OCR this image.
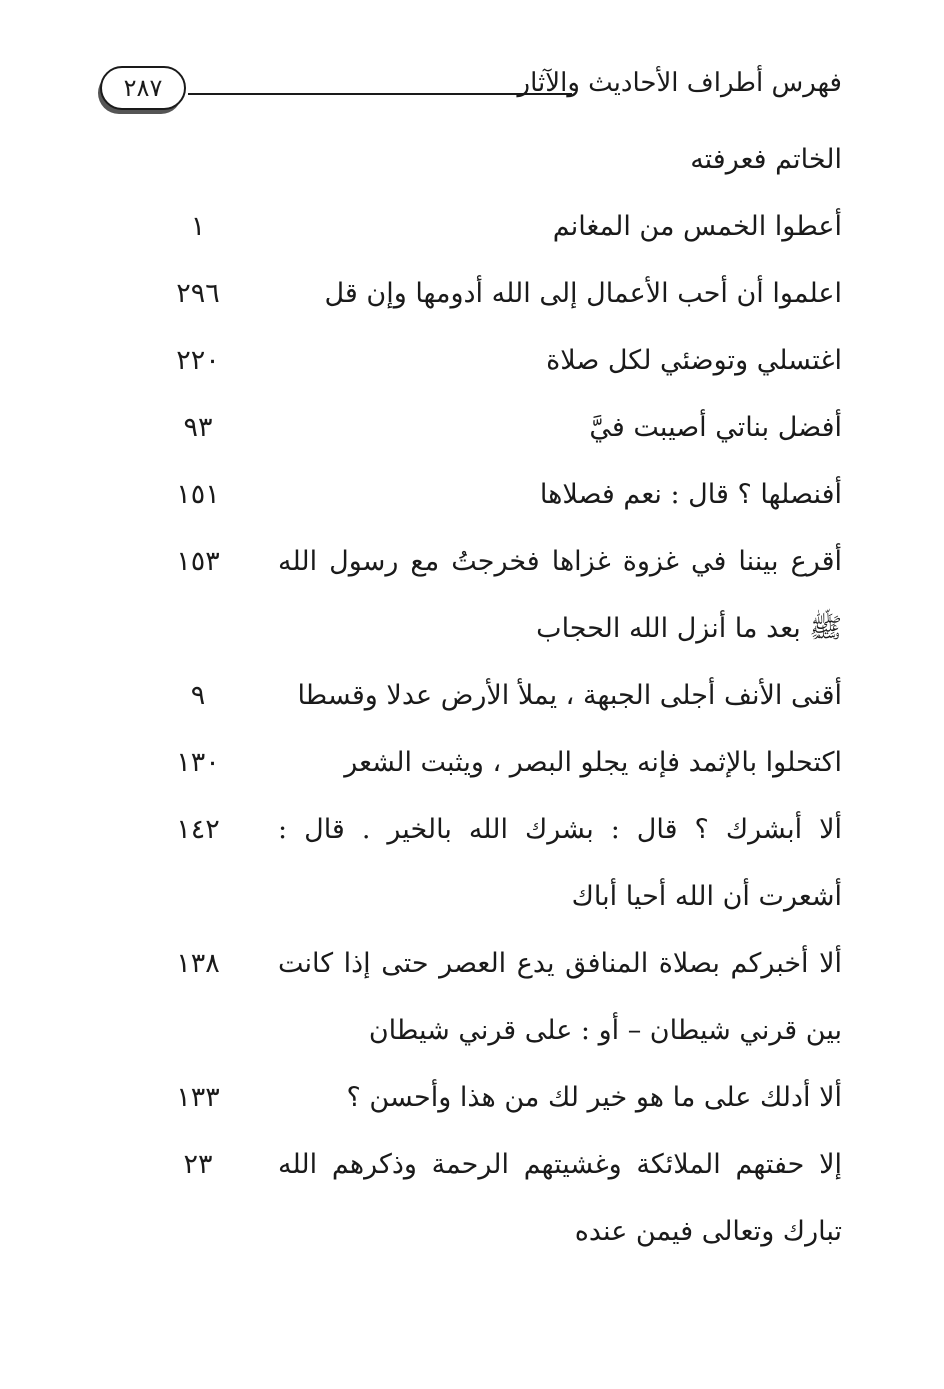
فهرس أطراف الأحاديث والآثار
٢٨٧
الخاتم فعرفته
أعطوا الخمس من المغانم
١
اعلموا أن أحب الأعمال إلى الله أدومها وإن قل
٢٩٦
اغتسلي وتوضئي لكل صلاة
٢٢٠
أفضل بناتي أصيبت فيَّ
٩٣
أفنصلها ؟ قال : نعم فصلاها
١٥١
أقرع بيننا في غزوة غزاها فخرجتُ مع رسول الله ﷺ بعد ما أنزل الله الحجاب
١٥٣
أقنى الأنف أجلى الجبهة ، يملأ الأرض عدلا وقسطا
٩
اكتحلوا بالإثمد فإنه يجلو البصر ، ويثبت الشعر
١٣٠
ألا أبشرك ؟ قال : بشرك الله بالخير . قال : أشعرت أن الله أحيا أباك
١٤٢
ألا أخبركم بصلاة المنافق يدع العصر حتى إذا كانت بين قرني شيطان – أو : على قرني شيطان
١٣٨
ألا أدلك على ما هو خير لك من هذا وأحسن ؟
١٣٣
إلا حفتهم الملائكة وغشيتهم الرحمة وذكرهم الله تبارك وتعالى فيمن عنده
٢٣
